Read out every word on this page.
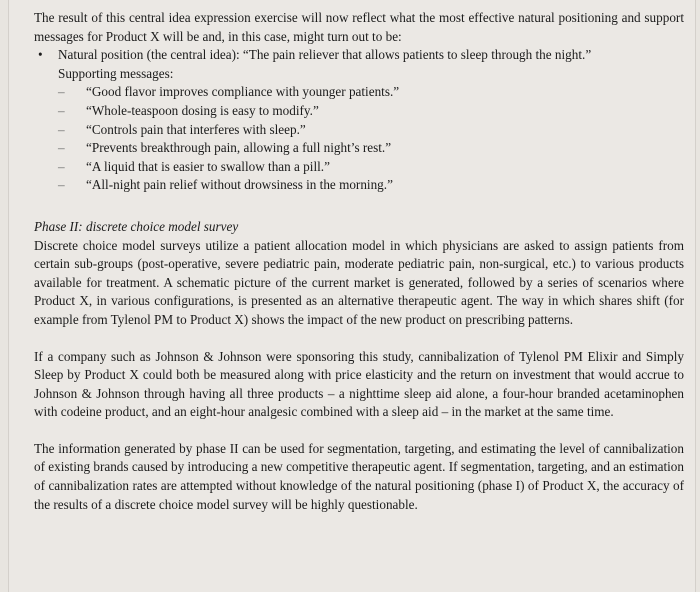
The result of this central idea expression exercise will now reflect what the most effective natural positioning and support messages for Product X will be and, in this case, might turn out to be:

• Natural position (the central idea): “The pain reliever that allows patients to sleep through the night.”
Supporting messages:
– “Good flavor improves compliance with younger patients.”
– “Whole-teaspoon dosing is easy to modify.”
– “Controls pain that interferes with sleep.”
– “Prevents breakthrough pain, allowing a full night’s rest.”
– “A liquid that is easier to swallow than a pill.”
– “All-night pain relief without drowsiness in the morning.”

Phase II: discrete choice model survey

Discrete choice model surveys utilize a patient allocation model in which physicians are asked to assign patients from certain sub-groups (post-operative, severe pediatric pain, moderate pediatric pain, non-surgical, etc.) to various products available for treatment. A schematic picture of the current market is generated, followed by a series of scenarios where Product X, in various configurations, is presented as an alternative therapeutic agent. The way in which shares shift (for example from Tylenol PM to Product X) shows the impact of the new product on prescribing patterns.

If a company such as Johnson & Johnson were sponsoring this study, cannibalization of Tylenol PM Elixir and Simply Sleep by Product X could both be measured along with price elasticity and the return on investment that would accrue to Johnson & Johnson through having all three products – a nighttime sleep aid alone, a four-hour branded acetaminophen with codeine product, and an eight-hour analgesic combined with a sleep aid – in the market at the same time.

The information generated by phase II can be used for segmentation, targeting, and estimating the level of cannibalization of existing brands caused by introducing a new competitive therapeutic agent. If segmentation, targeting, and an estimation of cannibalization rates are attempted without knowledge of the natural positioning (phase I) of Product X, the accuracy of the results of a discrete choice model survey will be highly questionable.
